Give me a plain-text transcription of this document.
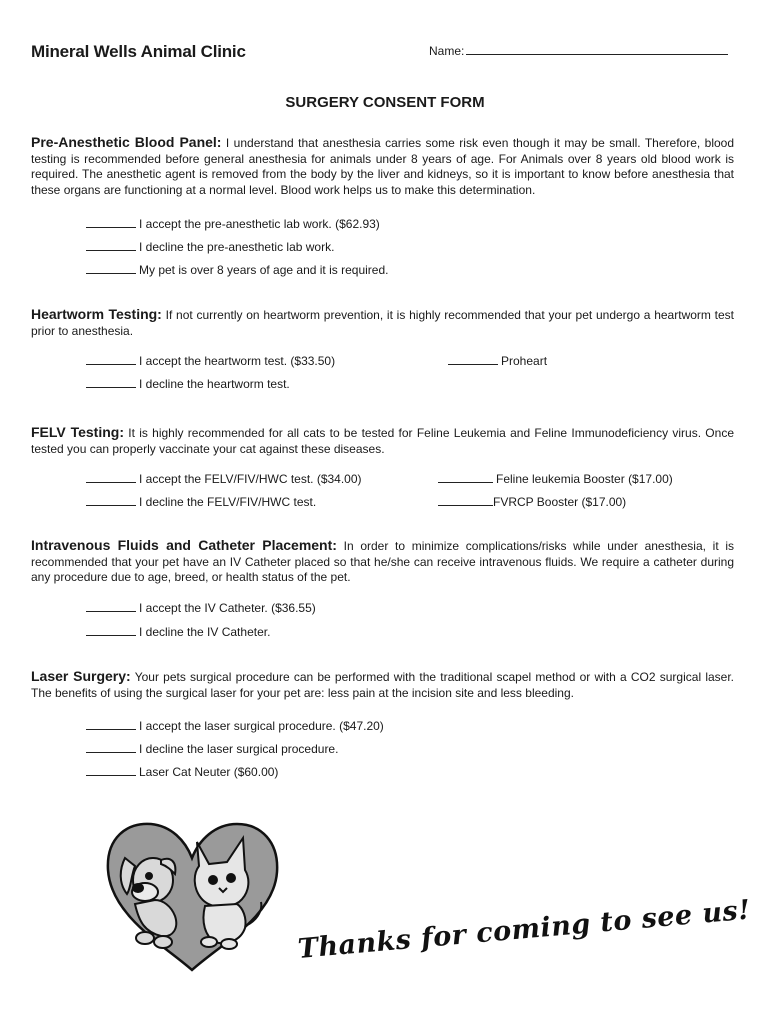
Mineral Wells Animal Clinic	Name:
SURGERY CONSENT FORM
Pre-Anesthetic Blood Panel: I understand that anesthesia carries some risk even though it may be small. Therefore, blood testing is recommended before general anesthesia for animals under 8 years of age. For Animals over 8 years old blood work is required. The anesthetic agent is removed from the body by the liver and kidneys, so it is important to know before anesthesia that these organs are functioning at a normal level. Blood work helps us to make this determination.
I accept the pre-anesthetic lab work. ($62.93)
I decline the pre-anesthetic lab work.
My pet is over 8 years of age and it is required.
Heartworm Testing: If not currently on heartworm prevention, it is highly recommended that your pet undergo a heartworm test prior to anesthesia.
I accept the heartworm test. ($33.50)	Proheart
I decline the heartworm test.
FELV Testing: It is highly recommended for all cats to be tested for Feline Leukemia and Feline Immunodeficiency virus. Once tested you can properly vaccinate your cat against these diseases.
I accept the FELV/FIV/HWC test. ($34.00)	Feline leukemia Booster ($17.00)
I decline the FELV/FIV/HWC test.	FVRCP Booster ($17.00)
Intravenous Fluids and Catheter Placement: In order to minimize complications/risks while under anesthesia, it is recommended that your pet have an IV Catheter placed so that he/she can receive intravenous fluids. We require a catheter during any procedure due to age, breed, or health status of the pet.
I accept the IV Catheter. ($36.55)
I decline the IV Catheter.
Laser Surgery: Your pets surgical procedure can be performed with the traditional scapel method or with a CO2 surgical laser. The benefits of using the surgical laser for your pet are: less pain at the incision site and less bleeding.
I accept the laser surgical procedure. ($47.20)
I decline the laser surgical procedure.
Laser Cat Neuter ($60.00)
Thanks for coming to see us!
